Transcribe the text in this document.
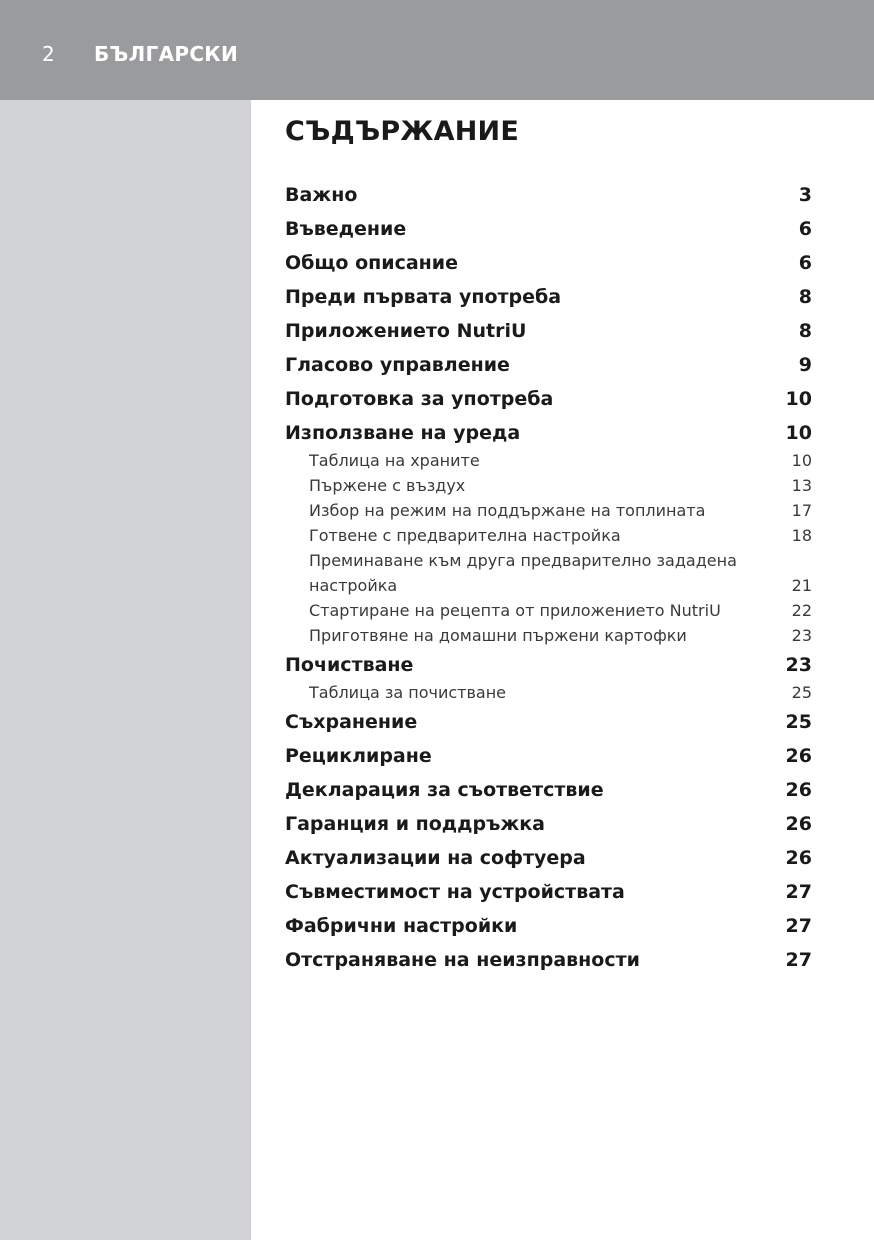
2 БЪЛГАРСКИ
СЪДЪРЖАНИЕ
Важно	3
Въведение	6
Общо описание	6
Преди първата употреба	8
Приложението NutriU	8
Гласово управление	9
Подготовка за употреба	10
Използване на уреда	10
Таблица на храните	10
Пържене с въздух	13
Избор на режим на поддържане на топлината	17
Готвене с предварителна настройка	18
Преминаване към друга предварително зададена настройка	21
Стартиране на рецепта от приложението NutriU	22
Приготвяне на домашни пържени картофки	23
Почистване	23
Таблица за почистване	25
Съхранение	25
Рециклиране	26
Декларация за съответствие	26
Гаранция и поддръжка	26
Актуализации на софтуера	26
Съвместимост на устройствата	27
Фабрични настройки	27
Отстраняване на неизправности	27
